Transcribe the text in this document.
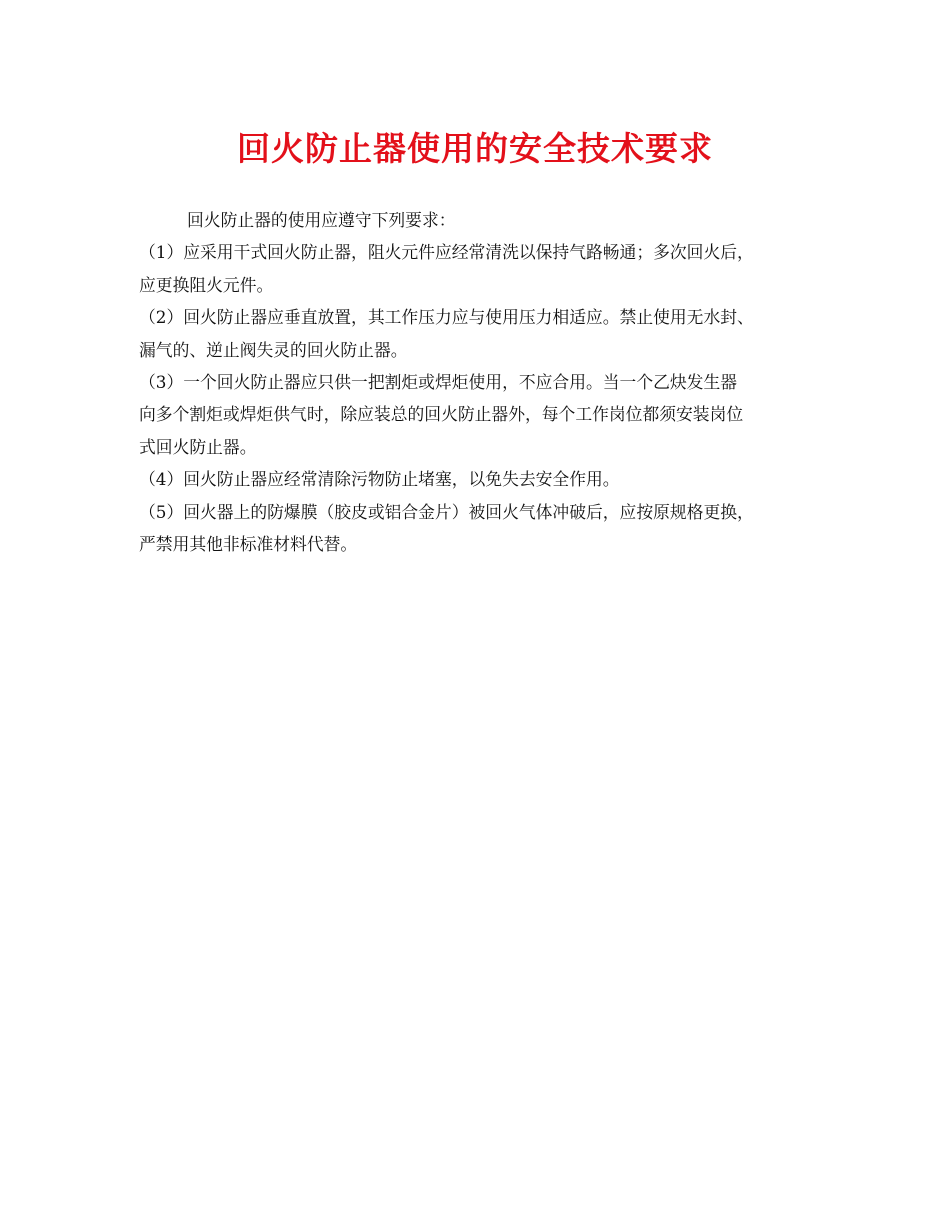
回火防止器使用的安全技术要求

回火防止器的使用应遵守下列要求：

（1）应采用干式回火防止器，阻火元件应经常清洗以保持气路畅通；多次回火后，
应更换阻火元件。

（2）回火防止器应垂直放置，其工作压力应与使用压力相适应。禁止使用无水封、
漏气的、逆止阀失灵的回火防止器。

（3）一个回火防止器应只供一把割炬或焊炬使用，不应合用。当一个乙炔发生器
向多个割炬或焊炬供气时，除应装总的回火防止器外，每个工作岗位都须安装岗位
式回火防止器。

（4）回火防止器应经常清除污物防止堵塞，以免失去安全作用。

（5）回火器上的防爆膜（胶皮或铝合金片）被回火气体冲破后，应按原规格更换，
严禁用其他非标准材料代替。
